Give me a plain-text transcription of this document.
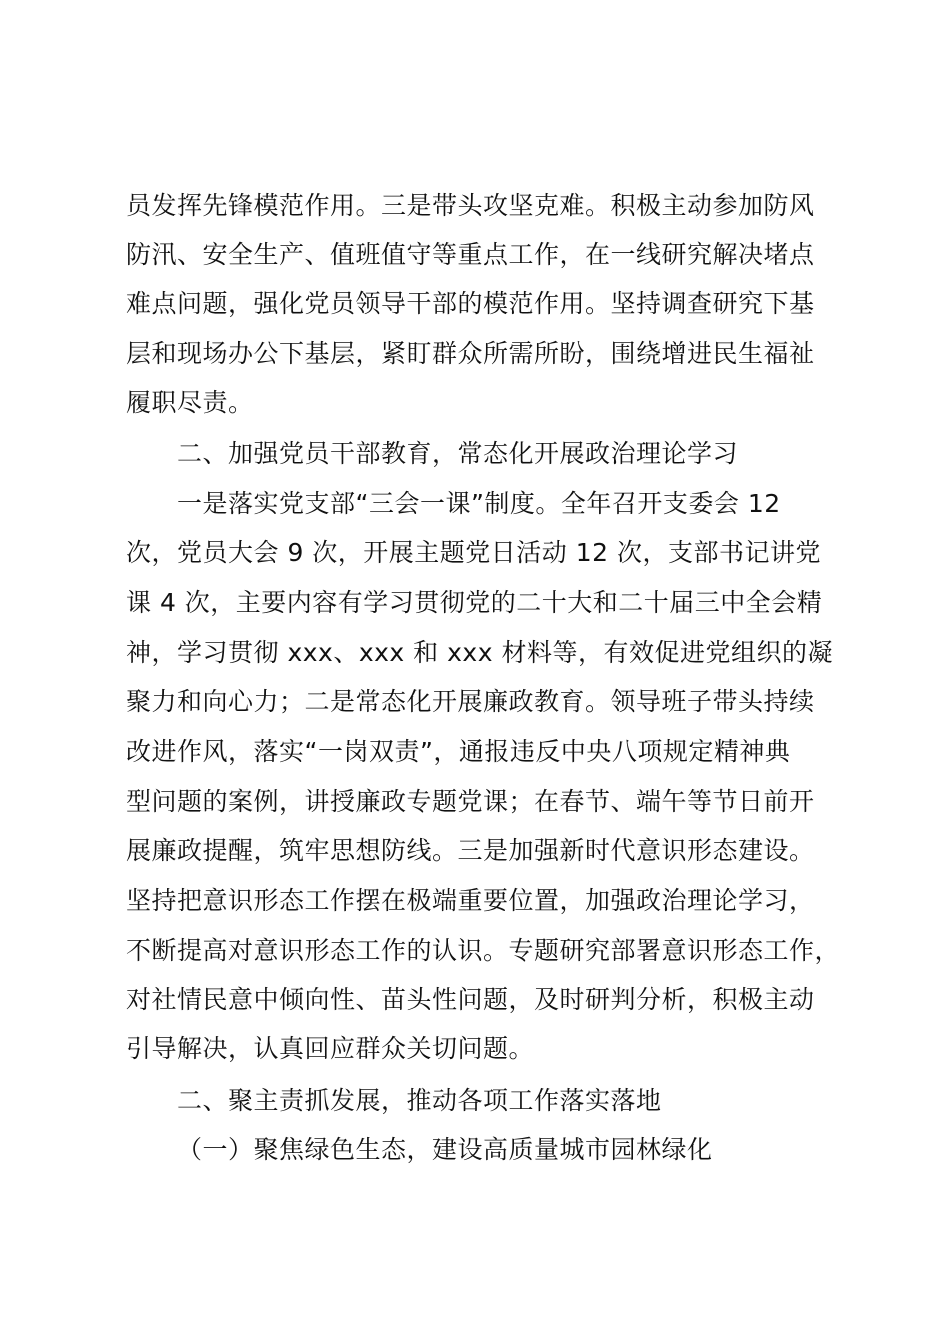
员发挥先锋模范作用。三是带头攻坚克难。积极主动参加防风
防汛、安全生产、值班值守等重点工作，在一线研究解决堵点
难点问题，强化党员领导干部的模范作用。坚持调查研究下基
层和现场办公下基层，紧盯群众所需所盼，围绕增进民生福祉
履职尽责。
二、加强党员干部教育，常态化开展政治理论学习
一是落实党支部“三会一课”制度。全年召开支委会 12
次，党员大会 9 次，开展主题党日活动 12 次，支部书记讲党
课 4 次，主要内容有学习贯彻党的二十大和二十届三中全会精
神，学习贯彻 xxx、xxx 和 xxx 材料等，有效促进党组织的凝
聚力和向心力；二是常态化开展廉政教育。领导班子带头持续
改进作风，落实“一岗双责”，通报违反中央八项规定精神典
型问题的案例，讲授廉政专题党课；在春节、端午等节日前开
展廉政提醒，筑牢思想防线。三是加强新时代意识形态建设。
坚持把意识形态工作摆在极端重要位置，加强政治理论学习，
不断提高对意识形态工作的认识。专题研究部署意识形态工作，
对社情民意中倾向性、苗头性问题，及时研判分析，积极主动
引导解决，认真回应群众关切问题。
二、聚主责抓发展，推动各项工作落实落地
（一）聚焦绿色生态，建设高质量城市园林绿化
